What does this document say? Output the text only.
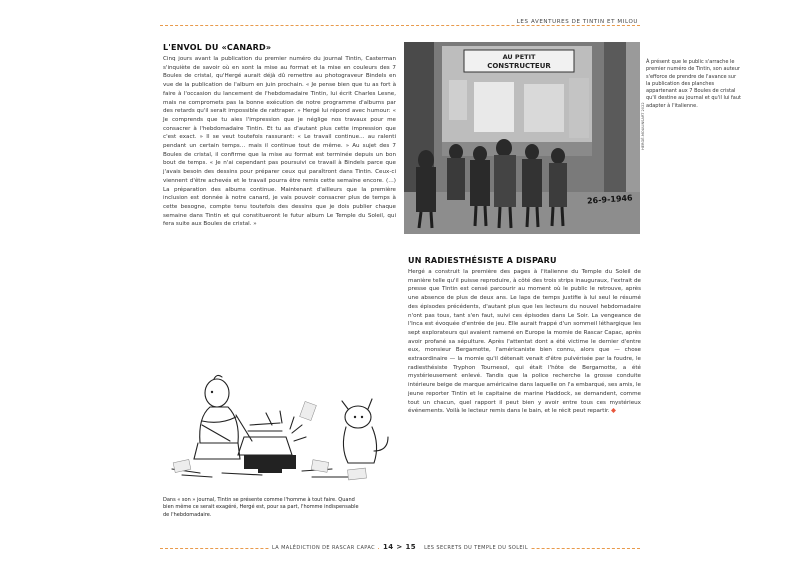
LES AVENTURES DE TINTIN ET MILOU
L'ENVOL DU «CANARD»

Cinq jours avant la publication du premier numéro du journal Tintin, Casterman s'inquiète de savoir où en sont la mise au format et la mise en couleurs des 7 Boules de cristal, qu'Hergé aurait déjà dû remettre au photograveur Bindels en vue de la publication de l'album en juin prochain. « Je pense bien que tu as fort à faire à l'occasion du lancement de l'hebdomadaire Tintin, lui écrit Charles Lesne, mais ne compromets pas la bonne exécution de notre programme d'albums par des retards qu'il serait impossible de rattraper. » Hergé lui répond avec humour: « Je comprends que tu aies l'impression que je néglige nos travaux pour me consacrer à l'hebdomadaire Tintin. Et tu as d'autant plus cette impression que c'est exact. » Il se veut toutefois rassurant: « Le travail continue… au ralenti pendant un certain temps… mais il continue tout de même. » Au sujet des 7 Boules de cristal, il confirme que la mise au format est terminée depuis un bon bout de temps. « Je n'ai cependant pas poursuivi ce travail à Bindels parce que j'avais besoin des dessins pour préparer ceux qui paraîtront dans Tintin. Ceux-ci viennent d'être achevés et le travail pourra être remis cette semaine encore. (…) La préparation des albums continue. Maintenant d'ailleurs que la première inclusion est donnée à notre canard, je vais pouvoir consacrer plus de temps à cette besogne, compte tenu toutefois des dessins que je dois publier chaque semaine dans Tintin et qui constitueront le futur album Le Temple du Soleil, qui fera suite aux Boules de cristal. »

AU PETIT
CONSTRUCTEUR
26-9-1946
HERGÉ-MOULINSART 2022
À présent que le public s'arrache le premier numéro de Tintin, son auteur s'efforce de prendre de l'avance sur la publication des planches appartenant aux 7 Boules de cristal qu'il destine au journal et qu'il lui faut adapter à l'italienne.
UN RADIESTHÉSISTE A DISPARU

Hergé a construit la première des pages à l'italienne du Temple du Soleil de manière telle qu'il puisse reproduire, à côté des trois strips inauguraux, l'extrait de presse que Tintin est censé parcourir au moment où le public le retrouve, après une absence de plus de deux ans. Le laps de temps justifie à lui seul le résumé des épisodes précédents, d'autant plus que les lecteurs du nouvel hebdomadaire n'ont pas tous, tant s'en faut, suivi ces épisodes dans Le Soir. La vengeance de l'Inca est évoquée d'entrée de jeu. Elle aurait frappé d'un sommeil léthargique les sept explorateurs qui avaient ramené en Europe la momie de Rascar Capac, après avoir profané sa sépulture. Après l'attentat dont a été victime le dernier d'entre eux, monsieur Bergamotte, l'américaniste bien connu, alors que — chose extraordinaire — la momie qu'il détenait venait d'être pulvérisée par la foudre, le radiesthésiste Tryphon Tournesol, qui était l'hôte de Bergamotte, a été mystérieusement enlevé. Tandis que la police recherche la grosse conduite intérieure beige de marque américaine dans laquelle on l'a embarqué, ses amis, le jeune reporter Tintin et le capitaine de marine Haddock, se demandent, comme tout un chacun, quel rapport il peut bien y avoir entre tous ces mystérieux événements. Voilà le lecteur remis dans le bain, et le récit peut repartir.

Dans « son » journal, Tintin se présente comme l'homme à tout faire. Quand bien même ce serait exagéré, Hergé est, pour sa part, l'homme indispensable de l'hebdomadaire.
LA MALÉDICTION DE RASCAR CAPAC 14 > 15 LES SECRETS DU TEMPLE DU SOLEIL
